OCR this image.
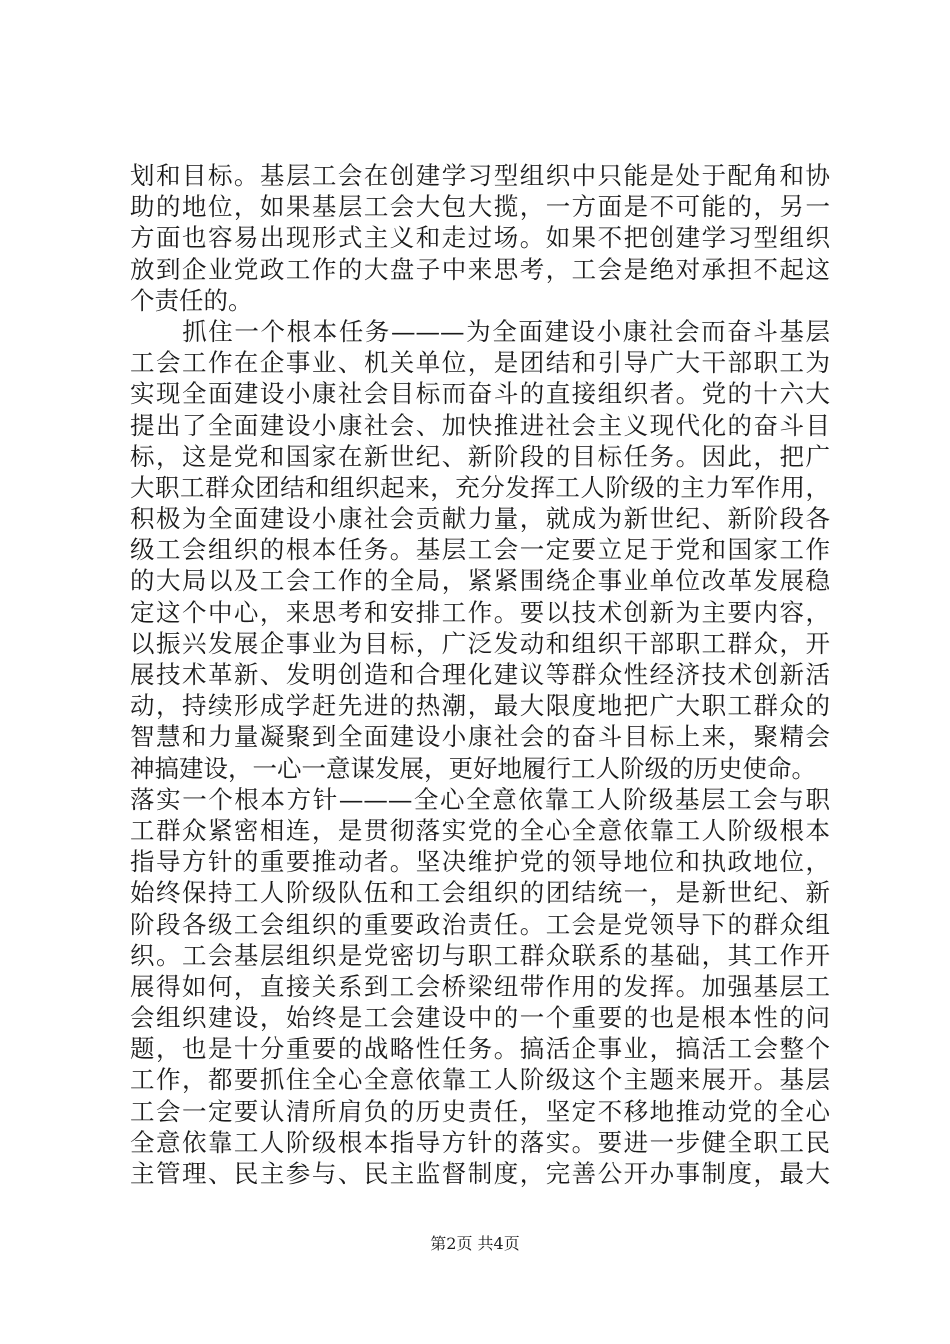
划和目标。基层工会在创建学习型组织中只能是处于配角和协
助的地位，如果基层工会大包大揽，一方面是不可能的，另一
方面也容易出现形式主义和走过场。如果不把创建学习型组织
放到企业党政工作的大盘子中来思考，工会是绝对承担不起这
个责任的。
　　抓住一个根本任务———为全面建设小康社会而奋斗基层
工会工作在企事业、机关单位，是团结和引导广大干部职工为
实现全面建设小康社会目标而奋斗的直接组织者。党的十六大
提出了全面建设小康社会、加快推进社会主义现代化的奋斗目
标，这是党和国家在新世纪、新阶段的目标任务。因此，把广
大职工群众团结和组织起来，充分发挥工人阶级的主力军作用，
积极为全面建设小康社会贡献力量，就成为新世纪、新阶段各
级工会组织的根本任务。基层工会一定要立足于党和国家工作
的大局以及工会工作的全局，紧紧围绕企事业单位改革发展稳
定这个中心，来思考和安排工作。要以技术创新为主要内容，
以振兴发展企事业为目标，广泛发动和组织干部职工群众，开
展技术革新、发明创造和合理化建议等群众性经济技术创新活
动，持续形成学赶先进的热潮，最大限度地把广大职工群众的
智慧和力量凝聚到全面建设小康社会的奋斗目标上来，聚精会
神搞建设，一心一意谋发展，更好地履行工人阶级的历史使命。
落实一个根本方针———全心全意依靠工人阶级基层工会与职
工群众紧密相连，是贯彻落实党的全心全意依靠工人阶级根本
指导方针的重要推动者。坚决维护党的领导地位和执政地位，
始终保持工人阶级队伍和工会组织的团结统一，是新世纪、新
阶段各级工会组织的重要政治责任。工会是党领导下的群众组
织。工会基层组织是党密切与职工群众联系的基础，其工作开
展得如何，直接关系到工会桥梁纽带作用的发挥。加强基层工
会组织建设，始终是工会建设中的一个重要的也是根本性的问
题，也是十分重要的战略性任务。搞活企事业，搞活工会整个
工作，都要抓住全心全意依靠工人阶级这个主题来展开。基层
工会一定要认清所肩负的历史责任，坚定不移地推动党的全心
全意依靠工人阶级根本指导方针的落实。要进一步健全职工民
主管理、民主参与、民主监督制度，完善公开办事制度，最大
第2页 共4页
